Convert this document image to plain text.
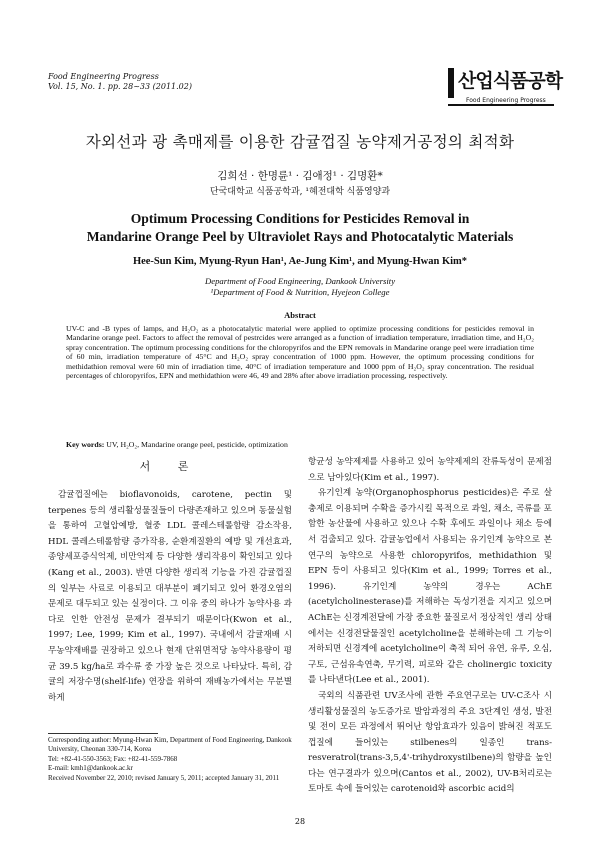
Food Engineering Progress
Vol. 15, No. 1. pp. 28~33 (2011.02)	산업식품공학
Food Engineering Progress
자외선과 광 촉매제를 이용한 감귤껍질 농약제거공정의 최적화
김희선 · 한명륜¹ · 김애정¹ · 김명환*
단국대학교 식품공학과, ¹혜전대학 식품영양과
Optimum Processing Conditions for Pesticides Removal in
Mandarine Orange Peel by Ultraviolet Rays and Photocatalytic Materials
Hee-Sun Kim, Myung-Ryun Han¹, Ae-Jung Kim¹, and Myung-Hwan Kim*
Department of Food Engineering, Dankook University
¹Department of Food & Nutrition, Hyejeon College
Abstract
UV-C and -B types of lamps, and H₂O₂ as a photocatalytic material were applied to optimize processing conditions for pesticides removal in Mandarine orange peel. Factors to affect the removal of pestrcides were arranged as a function of irradiation temperature, irradiation time, and H₂O₂ spray concentration. The optimum processing conditions for the chloropyrifos and the EPN removals in Mandarine orange peel were irradiation time of 60 min, irradiation temperature of 45°C and H₂O₂ spray concentration of 1000 ppm. However, the optimum processing conditions for methidathion removal were 60 min of irradiation time, 40°C of irradiation temperature and 1000 ppm of H₂O₂ spray concentration. The residual percentages of chloropyrifos, EPN and methidathion were 46, 49 and 28% after above irradiation processing, respectively.
Key words: UV, H₂O₂, Mandarine orange peel, pesticide, optimization
서 론

감귤껍질에는 bioflavonoids, carotene, pectin 및 terpenes 등의 생리활성물질들이 다량존재하고 있으며 동물실험을 통하여 고혈압예방, 혈중 LDL 콜레스테롤함량 감소작용, HDL 콜레스테롤함량 증가작용, 순환계질환의 예방 및 개선효과, 종양세포증식억제, 비만억제 등 다양한 생리작용이 확인되고 있다(Kang et al., 2003). 반면 다양한 생리적 기능을 가진 감귤껍질의 일부는 사료로 이용되고 대부분이 폐기되고 있어 환경오염의 문제로 대두되고 있는 실정이다. 그 이유 중의 하나가 농약사용 과다로 인한 안전성 문제가 결부되기 때문이다(Kwon et al., 1997; Lee, 1999; Kim et al., 1997). 국내에서 감귤재배 시 무농약재배를 권장하고 있으나 현재 단위면적당 농약사용량이 평균 39.5 kg/ha로 과수류 중 가장 높은 것으로 나타났다. 특히, 감귤의 저장수명(shelf-life) 연장을 위하여 재배농가에서는 무분별하게

항균성 농약제제를 사용하고 있어 농약제제의 잔류독성이 문제점으로 남아있다(Kim et al., 1997).

유기인계 농약(Organophosphorus pesticides)은 주로 살충제로 이용되며 수확을 증가시킬 목적으로 과일, 채소, 곡류를 포함한 농산물에 사용하고 있으나 수확 후에도 과일이나 채소 등에서 검출되고 있다. 감귤농업에서 사용되는 유기인계 농약으로 본 연구의 농약으로 사용한 chloropyrifos, methidathion 및 EPN 등이 사용되고 있다(Kim et al., 1999; Torres et al., 1996). 유기인계 농약의 경우는 AChE (acetylcholinesterase)를 저해하는 독성기전을 지지고 있으며 AChE는 신경계전달에 가장 중요한 물질로서 정상적인 생리 상태에서는 신경전달물질인 acetylcholine을 분해하는데 그 기능이 저하되면 신경계에 acetylcholine이 축적 되어 유연, 유루, 오심, 구토, 근섬유속연축, 무기력, 피로와 같은 cholinergic toxicity를 나타낸다(Lee et al., 2001).

국외의 식품관련 UV조사에 관한 주요연구로는 UV-C조사 시 생리활성물질의 농도증가로 발암과정의 주요 3단계인 생성, 발전 및 전이 모든 과정에서 뛰어난 항암효과가 있음이 밝혀진 적포도 껍질에 들어있는 stilbenes의 일종인 trans- resveratrol(trans-3,5,4'-trihydroxystilbene)의 함량을 높인다는 연구결과가 있으며(Cantos et al., 2002), UV-B처리로는 토마토 속에 들어있는 carotenoid와 ascorbic acid의

Corresponding author: Myung-Hwan Kim, Department of Food Engineering, Dankook University, Cheonan 330-714, Korea
Tel: +82-41-550-3563; Fax: +82-41-559-7868
E-mail: kmh1@dankook.ac.kr
Received November 22, 2010; revised January 5, 2011; accepted January 31, 2011
28
